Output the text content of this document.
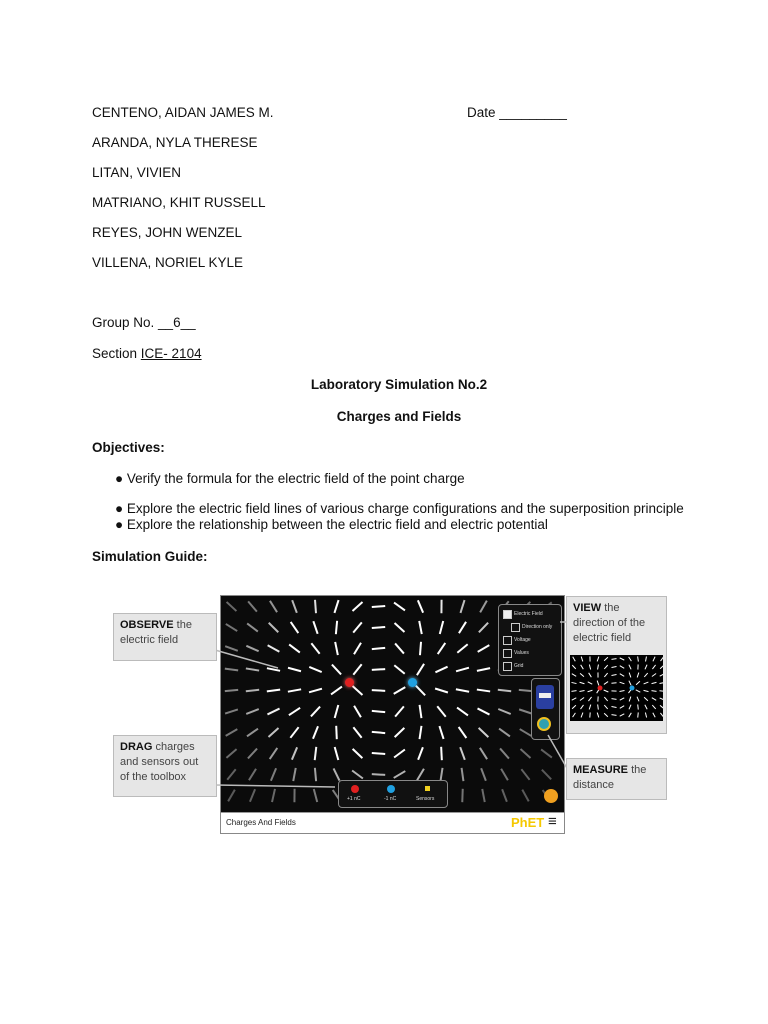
CENTENO, AIDAN JAMES M.
ARANDA, NYLA THERESE
LITAN, VIVIEN
MATRIANO, KHIT RUSSELL
REYES, JOHN WENZEL
VILLENA, NORIEL KYLE
Date _________
Group No. __6__
Section ICE- 2104
Laboratory Simulation No.2
Charges and Fields
Objectives:
● Verify the formula for the electric field of the point charge
● Explore the electric field lines of various charge configurations and the superposition principle
● Explore the relationship between the electric field and electric potential
Simulation Guide:
Electric Field
Direction only
Voltage
Values
Grid
+1 nC	-1 nC	Sensors
Charges And Fields	PhET ≡
OBSERVE the electric field
DRAG charges and sensors out of the toolbox
VIEW the direction of the electric field
MEASURE the distance
